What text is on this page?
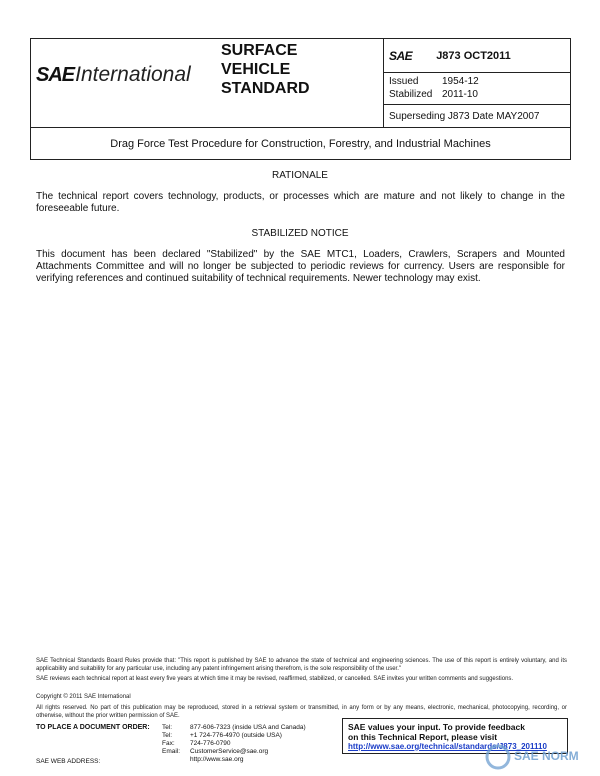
SAE International
SURFACE
VEHICLE
STANDARD
SAE J873 OCT2011
Issued	1954-12
Stabilized 2011-10
Superseding J873 Date MAY2007
Drag Force Test Procedure for Construction, Forestry, and Industrial Machines
RATIONALE
The technical report covers technology, products, or processes which are mature and not likely to change in the foreseeable future.
STABILIZED NOTICE
This document has been declared "Stabilized" by the SAE MTC1, Loaders, Crawlers, Scrapers and Mounted Attachments Committee and will no longer be subjected to periodic reviews for currency. Users are responsible for verifying references and continued suitability of technical requirements. Newer technology may exist.
SAE Technical Standards Board Rules provide that: "This report is published by SAE to advance the state of technical and engineering sciences. The use of this report is entirely voluntary, and its applicability and suitability for any particular use, including any patent infringement arising therefrom, is the sole responsibility of the user."
SAE reviews each technical report at least every five years at which time it may be revised, reaffirmed, stabilized, or cancelled. SAE invites your written comments and suggestions.
Copyright © 2011 SAE International
All rights reserved. No part of this publication may be reproduced, stored in a retrieval system or transmitted, in any form or by any means, electronic, mechanical, photocopying, recording, or otherwise, without the prior written permission of SAE.
TO PLACE A DOCUMENT ORDER: Tel:	877-606-7323 (inside USA and Canada)
Tel:	+1 724-776-4970 (outside USA)
Fax:	724-776-0790
Email:	CustomerService@sae.org
http://www.sae.org
SAE WEB ADDRESS:
SAE values your input. To provide feedback
on this Technical Report, please visit
http://www.sae.org/technical/standards/J873_201110
SAE NORM
